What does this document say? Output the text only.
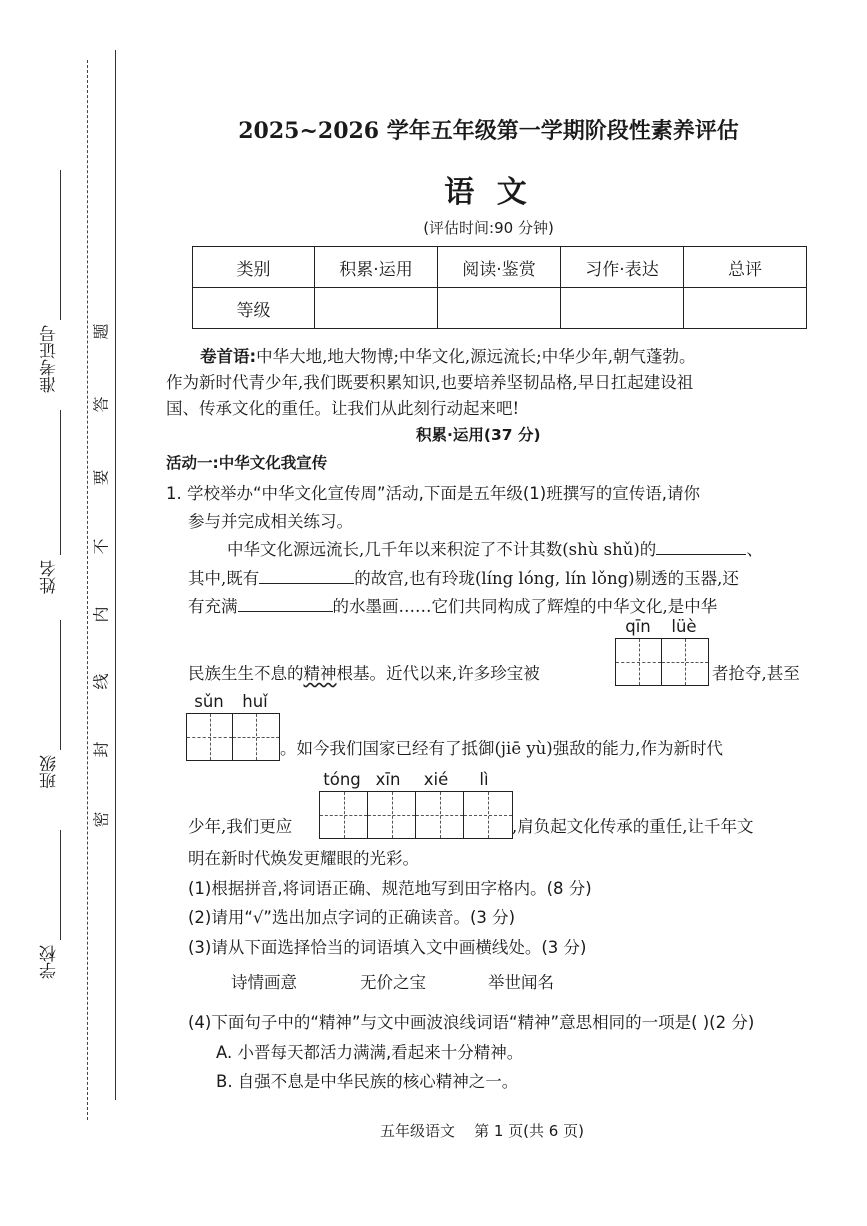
学校
班级
姓名
准考证号
密
封
线
内
不
要
答
题
2025~2026 学年五年级第一学期阶段性素养评估
语 文
(评估时间:90 分钟)
类别	积累·运用	阅读·鉴赏	习作·表达	总评
等级				
卷首语:中华大地,地大物博;中华文化,源远流长;中华少年,朝气蓬勃。
作为新时代青少年,我们既要积累知识,也要培养坚韧品格,早日扛起建设祖
国、传承文化的重任。让我们从此刻行动起来吧!
积累·运用(37 分)
活动一:中华文化我宣传
1. 学校举办“中华文化宣传周”活动,下面是五年级(1)班撰写的宣传语,请你
参与并完成相关练习。
中华文化源远流长,几千年以来积淀了不计其数(shù shǔ)的	、
其中,既有	的故宫,也有玲珑(líng lóng, lín lǒng)剔透的玉器,还
有充满	的水墨画……它们共同构成了辉煌的中华文化,是中华
qīn	lüè
民族生生不息的精神根基。近代以来,许多珍宝被	者抢夺,甚至
sǔn	huǐ
。如今我们国家已经有了抵御(jiē yù)强敌的能力,作为新时代
tóng xīn	xié	lì
少年,我们更应	,肩负起文化传承的重任,让千年文
明在新时代焕发更耀眼的光彩。
(1)根据拼音,将词语正确、规范地写到田字格内。(8 分)
(2)请用“√”选出加点字词的正确读音。(3 分)
(3)请从下面选择恰当的词语填入文中画横线处。(3 分)
诗情画意	无价之宝	举世闻名
(4)下面句子中的“精神”与文中画波浪线词语“精神”意思相同的一项是( )(2 分)
A. 小晋每天都活力满满,看起来十分精神。
B. 自强不息是中华民族的核心精神之一。
五年级语文    第 1 页(共 6 页)
